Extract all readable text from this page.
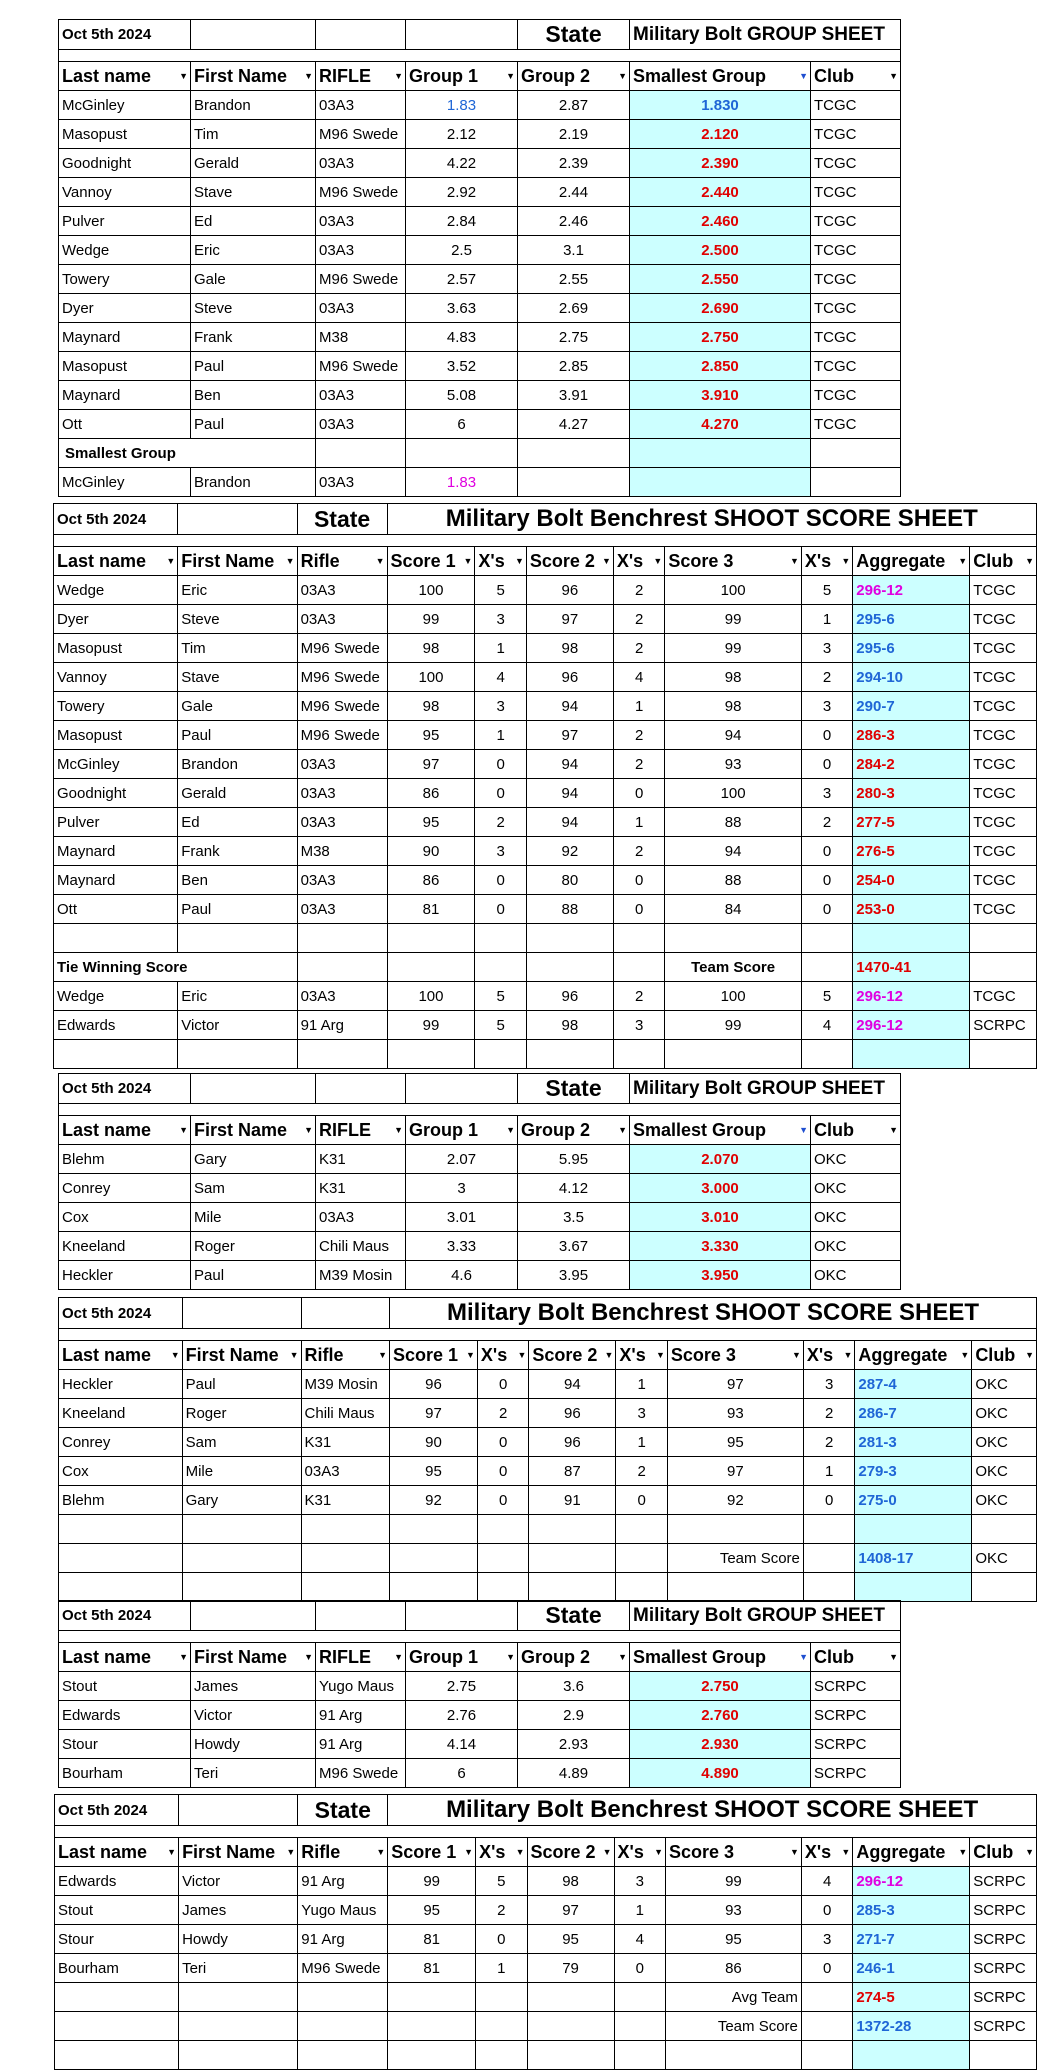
Oct 5th 2024				State	Military Bolt GROUP SHEET	

Last name ▼	First Name ▼	RIFLE ▼	Group 1 ▼	Group 2 ▼	Smallest Group ▼	Club ▼

McGinley	Brandon	03A3	1.83	2.87	1.830	TCGC
Masopust	Tim	M96 Swede	2.12	2.19	2.120	TCGC
Goodnight	Gerald	03A3	4.22	2.39	2.390	TCGC
Vannoy	Stave	M96 Swede	2.92	2.44	2.440	TCGC
Pulver	Ed	03A3	2.84	2.46	2.460	TCGC
Wedge	Eric	03A3	2.5	3.1	2.500	TCGC
Towery	Gale	M96 Swede	2.57	2.55	2.550	TCGC
Dyer	Steve	03A3	3.63	2.69	2.690	TCGC
Maynard	Frank	M38	4.83	2.75	2.750	TCGC
Masopust	Paul	M96 Swede	3.52	2.85	2.850	TCGC
Maynard	Ben	03A3	5.08	3.91	3.910	TCGC
Ott	Paul	03A3	6	4.27	4.270	TCGC
Smallest Group						
McGinley	Brandon	03A3	1.83			
Oct 5th 2024		State	Military Bolt Benchrest SHOOT SCORE SHEET							

Last name ▼	First Name ▼	Rifle ▼	Score 1 ▼	X's ▼	Score 2 ▼	X's ▼	Score 3 ▼	X's ▼	Aggregate ▼	Club ▼

Wedge	Eric	03A3	100	5	96	2	100	5	296-12	TCGC
Dyer	Steve	03A3	99	3	97	2	99	1	295-6	TCGC
Masopust	Tim	M96 Swede	98	1	98	2	99	3	295-6	TCGC
Vannoy	Stave	M96 Swede	100	4	96	4	98	2	294-10	TCGC
Towery	Gale	M96 Swede	98	3	94	1	98	3	290-7	TCGC
Masopust	Paul	M96 Swede	95	1	97	2	94	0	286-3	TCGC
McGinley	Brandon	03A3	97	0	94	2	93	0	284-2	TCGC
Goodnight	Gerald	03A3	86	0	94	0	100	3	280-3	TCGC
Pulver	Ed	03A3	95	2	94	1	88	2	277-5	TCGC
Maynard	Frank	M38	90	3	92	2	94	0	276-5	TCGC
Maynard	Ben	03A3	86	0	80	0	88	0	254-0	TCGC
Ott	Paul	03A3	81	0	88	0	84	0	253-0	TCGC

Tie Winning Score							Team Score		1470-41	
Wedge	Eric	03A3	100	5	96	2	100	5	296-12	TCGC
Edwards	Victor	91 Arg	99	5	98	3	99	4	296-12	SCRPC

Oct 5th 2024				State	Military Bolt GROUP SHEET	

Last name ▼	First Name ▼	RIFLE ▼	Group 1 ▼	Group 2 ▼	Smallest Group ▼	Club ▼

Blehm	Gary	K31	2.07	5.95	2.070	OKC
Conrey	Sam	K31	3	4.12	3.000	OKC
Cox	Mile	03A3	3.01	3.5	3.010	OKC
Kneeland	Roger	Chili Maus	3.33	3.67	3.330	OKC
Heckler	Paul	M39 Mosin	4.6	3.95	3.950	OKC
Oct 5th 2024			Military Bolt Benchrest SHOOT SCORE SHEET							

Last name ▼	First Name ▼	Rifle ▼	Score 1 ▼	X's ▼	Score 2 ▼	X's ▼	Score 3 ▼	X's ▼	Aggregate ▼	Club ▼

Heckler	Paul	M39 Mosin	96	0	94	1	97	3	287-4	OKC
Kneeland	Roger	Chili Maus	97	2	96	3	93	2	286-7	OKC
Conrey	Sam	K31	90	0	96	1	95	2	281-3	OKC
Cox	Mile	03A3	95	0	87	2	97	1	279-3	OKC
Blehm	Gary	K31	92	0	91	0	92	0	275-0	OKC

							Team Score		1408-17	OKC

Oct 5th 2024				State	Military Bolt GROUP SHEET	

Last name ▼	First Name ▼	RIFLE ▼	Group 1 ▼	Group 2 ▼	Smallest Group ▼	Club ▼

Stout	James	Yugo Maus	2.75	3.6	2.750	SCRPC
Edwards	Victor	91 Arg	2.76	2.9	2.760	SCRPC
Stour	Howdy	91 Arg	4.14	2.93	2.930	SCRPC
Bourham	Teri	M96 Swede	6	4.89	4.890	SCRPC
Oct 5th 2024		State	Military Bolt Benchrest SHOOT SCORE SHEET							

Last name ▼	First Name ▼	Rifle ▼	Score 1 ▼	X's ▼	Score 2 ▼	X's ▼	Score 3 ▼	X's ▼	Aggregate ▼	Club ▼

Edwards	Victor	91 Arg	99	5	98	3	99	4	296-12	SCRPC
Stout	James	Yugo Maus	95	2	97	1	93	0	285-3	SCRPC
Stour	Howdy	91 Arg	81	0	95	4	95	3	271-7	SCRPC
Bourham	Teri	M96 Swede	81	1	79	0	86	0	246-1	SCRPC
							Avg Team		274-5	SCRPC
							Team Score		1372-28	SCRPC
